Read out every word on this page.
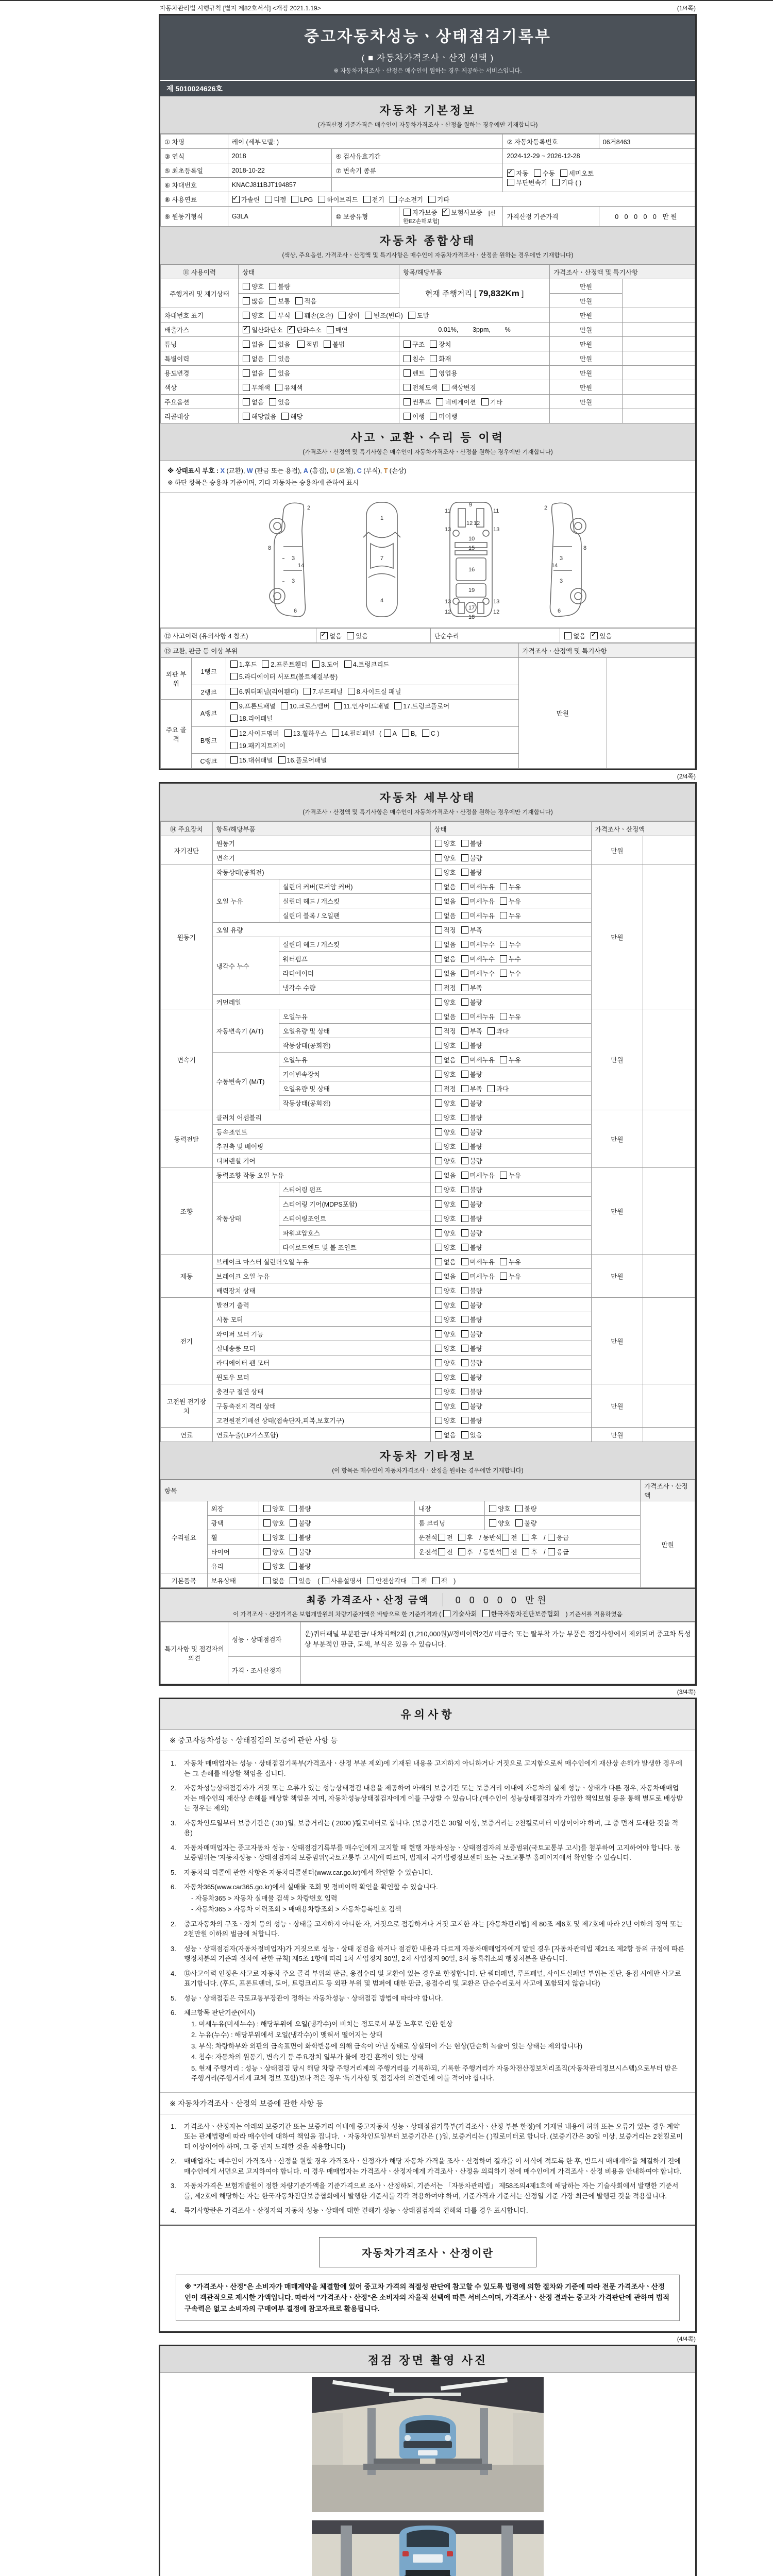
자동차관리법 시행규칙 [별지 제82호서식] <개정 2021.1.19>	(1/4쪽)
중고자동차성능ㆍ상태점검기록부
( ■ 자동차가격조사ㆍ산정 선택 )
※ 자동차가격조사ㆍ산정은 매수인이 원하는 경우 제공하는 서비스입니다.
제 5010024626호
자동차 기본정보
(가격산정 기준가격은 매수인이 자동차가격조사ㆍ산정을 원하는 경우에만 기재합니다)
① 차명	레이 (세부모델: )			② 자동차등록번호	06거8463
③ 연식	2018	④ 검사유효기간		2024-12-29 ~ 2026-12-28	
⑤ 최초등록일	2018-10-22	⑦ 변속기 종류	✓자동 수동 세미오토
무단변속기 기타 ( )
⑥ 차대번호	KNACJ811BJT194857				
⑧ 사용연료	✓가솔린 디젤 LPG 하이브리드 전기 수소전기 기타
⑨ 원동기형식	G3LA	⑩ 보증유형	자가보증 ✓ 보험사보증 [신한EZ손해보험]	가격산정 기준가격	0 0 0 0 0 만원
자동차 종합상태
(색상, 주요옵션, 가격조사ㆍ산정액 및 특기사항은 매수인이 자동차가격조사ㆍ산정을 원하는 경우에만 기재합니다)
⑪ 사용이력	상태	항목/해당부품	가격조사ㆍ산정액 및 특기사항	
주행거리 및 계기상태	양호 불량	현재 주행거리 [ 79,832Km ]	만원	
	많음 보통 적음		만원	
차대번호 표기	양호 부식 훼손(오손) 상이 변조(변타) 도말		만원	
배출가스	✓일산화탄소 ✓ 탄화수소 매연	0.01%,        3ppm,        %	만원	
튜닝	없음 있음 적법 불법	구조 장치	만원	
특별이력	없음 있음	침수 화재	만원	
용도변경	없음 있음	렌트 영업용	만원	
색상	무채색 유채색	전체도색 색상변경	만원	
주요옵션	없음 있음	썬루프 네비게이션 기타	만원	
리콜대상	해당없음 해당	이행 미이행		
사고ㆍ교환ㆍ수리 등 이력
(가격조사ㆍ산정액 및 특기사항은 매수인이 자동차가격조사ㆍ산정을 원하는 경우에만 기재합니다)
※ 상태표시 부호 : X (교환), W (판금 또는 용접), A (흠집), U (요철), C (부식), T (손상)
※ 하단 항목은 승용차 기준이며, 기타 자동차는 승용차에 준하여 표시
2
8
3
3
14
6
1
7
4
9
11	11
13	13
12 12
10
15
16
19
13	13
12	12
17
18
2
8
3
3
14
6
⑫ 사고이력 (유의사항 4 참조)	✓없음 있음	단순수리	없음 ✓ 있음
⑬ 교환, 판금 등 이상 부위			가격조사ㆍ산정액 및 특기사항	
외판 부위	1랭크	1.후드 2.프론트휀더 3.도어 4.트렁크리드
5.라디에이터 서포트(볼트체결부품)	만원	
	2랭크	6.쿼터패널(리어휀더) 7.루프패널 8.사이드실 패널		
주요 골격	A랭크	9.프론트패널 10.크로스멤버 11.인사이드패널 17.트렁크플로어
18.리어패널		
	B랭크	12.사이드멤버 13.휠하우스 14.필러패널( A B, C )
19.패키지트레이		
	C랭크	15.대쉬패널 16.플로어패널		
(2/4쪽)
자동차 세부상태
(가격조사ㆍ산정액 및 특기사항은 매수인이 자동차가격조사ㆍ산정을 원하는 경우에만 기재합니다)
⑭ 주요장치	항목/해당부품		상태	가격조사ㆍ산정액	
자기진단	원동기		양호 불량	만원	
	변속기		양호 불량		
원동기	작동상태(공회전)		양호 불량	만원	
	오일 누유	실린더 커버(로커암 커버)	없음 미세누유 누유		
		실린더 헤드 / 개스킷	없음 미세누유 누유		
		실린더 블록 / 오일팬	없음 미세누유 누유		
	오일 유량		적정 부족		
	냉각수 누수	실린더 헤드 / 개스킷	없음 미세누수 누수		
		워터펌프	없음 미세누수 누수		
		라디에이터	없음 미세누수 누수		
		냉각수 수량	적정 부족		
	커먼레일		양호 불량		
변속기	자동변속기 (A/T)	오일누유	없음 미세누유 누유	만원	
		오일유량 및 상태	적정 부족 과다		
		작동상태(공회전)	양호 불량		
	수동변속기 (M/T)	오일누유	없음 미세누유 누유		
		기어변속장치	양호 불량		
		오일유량 및 상태	적정 부족 과다		
		작동상태(공회전)	양호 불량		
동력전달	클러치 어셈블리		양호 불량	만원	
	등속죠인트		양호 불량		
	추진축 및 베어링		양호 불량		
	디퍼렌셜 기어		양호 불량		
조향	동력조향 작동 오일 누유		없음 미세누유 누유	만원	
	작동상태	스티어링 펌프	양호 불량		
		스티어링 기어(MDPS포함)	양호 불량		
		스티어링조인트	양호 불량		
		파워고압호스	양호 불량		
		타이로드엔드 및 볼 조인트	양호 불량		
제동	브레이크 마스터 실린더오일 누유		없음 미세누유 누유	만원	
	브레이크 오일 누유		없음 미세누유 누유		
	배력장치 상태		양호 불량		
전기	발전기 출력		양호 불량	만원	
	시동 모터		양호 불량		
	와이퍼 모터 기능		양호 불량		
	실내송풍 모터		양호 불량		
	라디에이터 팬 모터		양호 불량		
	윈도우 모터		양호 불량		
고전원 전기장치	충전구 절연 상태		양호 불량	만원	
	구동축전지 격리 상태		양호 불량		
	고전원전기배선 상태(접속단자,피복,보호기구)		양호 불량		
연료	연료누출(LP가스포함)		없음 있음	만원	
자동차 기타정보
(이 항목은 매수인이 자동차가격조사ㆍ산정을 원하는 경우에만 기재합니다)
항목					가격조사ㆍ산정액
수리필요	외장	양호 불량	내장	양호 불량	만원
	광택	양호 불량	룸 크리닝	양호 불량	
	휠	양호 불량	운전석 전 후 / 동반석 전 후 / 응급		
	타이어	양호 불량	운전석 전 후 / 동반석 전 후 / 응급		
	유리	양호 불량			
기본품목	보유상태	없음 있음 ( 사용설명서 안전삼각대 잭 잭 )			
최종 가격조사ㆍ산정 금액	0 0 0 0 0 만원
이 가격조사ㆍ산정가격은 보험개발원의 차량기준가액을 바탕으로 한 기준가격과 ( 기술사회 한국자동차진단보증협회 ) 기준서를 적용하였음
특기사항 및 점검자의 의견	성능ㆍ상태점검자	운)쿼터패널 부분판금/ 내차피해2회 (1,210,000원)//정비이력2건// 비금속 또는 탈부착 가능 부품은 점검사항에서 제외되며 중고차 특성상 부분적인 판금, 도색, 부식은 있을 수 있습니다.
	가격ㆍ조사산정자	
(3/4쪽)
유의사항
※ 중고자동차성능ㆍ상태점검의 보증에 관한 사항 등
1.	자동차 매매업자는 성능ㆍ상태점검기록부(가격조사ㆍ산정 부분 제외)에 기재된 내용을 고지하지 아니하거나 거짓으로 고지함으로써 매수인에게 재산상 손해가 발생한 경우에는 그 손해를 배상할 책임을 집니다.
2.	자동차성능상태점검자가 거짓 또는 오류가 있는 성능상태점검 내용을 제공하여 아래의 보증기간 또는 보증거리 이내에 자동차의 실제 성능ㆍ상태가 다른 경우, 자동차매매업자는 매수인의 재산상 손해를 배상할 책임을 지며, 자동차성능상태점검자에게 이를 구상할 수 있습니다.(매수인이 성능상태점검자가 가입한 책임보험 등을 통해 별도로 배상받는 경우는 제외)
3.	자동차인도일부터 보증기간은 ( 30 )일, 보증거리는 ( 2000 )킬로미터로 합니다. (보증기간은 30일 이상, 보증거리는 2천킬로미터 이상이어야 하며, 그 중 먼저 도래한 것을 적용)
4.	자동차매매업자는 중고자동차 성능ㆍ상태점검기록부를 매수인에게 고지할 때 현행 자동차성능ㆍ상태점검자의 보증범위(국토교통부 고시)를 첨부하여 고지하여야 합니다. 동 보증범위는 '자동차성능ㆍ상태점검자의 보증범위'(국토교통부 고시)에 따르며, 법제처 국가법령정보센터 또는 국토교통부 홈페이지에서 확인할 수 있습니다.
5.	자동차의 리콜에 관한 사항은 자동차리콜센터(www.car.go.kr)에서 확인할 수 있습니다.
6.	자동차365(www.car365.go.kr)에서 실매물 조회 및 정비이력 확인을 확인할 수 있습니다.
- 자동차365 > 자동차 실매물 검색 > 차량번호 입력
- 자동차365 > 자동차 이력조회 > 매매용차량조회 > 자동차등록번호 검색
2.	중고자동차의 구조ㆍ장치 등의 성능ㆍ상태를 고지하지 아니한 자, 거짓으로 점검하거나 거짓 고지한 자는 [자동차관리법] 제 80조 제6호 및 제7호에 따라 2년 이하의 징역 또는 2천만원 이하의 벌금에 처합니다.
3.	성능ㆍ상태점검자(자동차정비업자)가 거짓으로 성능ㆍ상태 점검을 하거나 점검한 내용과 다르게 자동차매매업자에게 알린 경우 [자동차관리법 제21조 제2항 등의 규정에 따른 행정처분의 기준과 절차에 관한 규칙] 제5조 1항에 따라 1차 사업정지 30일, 2차 사업정지 90일, 3차 등록취소의 행정처분을 받습니다.
4.	⑫사고이력 인정은 사고로 자동차 주요 골격 부위의 판금, 용접수리 및 교환이 있는 경우로 한정합니다. 단 쿼터패널, 루프패널, 사이드실패널 부위는 절단, 용접 시에만 사고로 표기합니다. (후드, 프론트펜더, 도어, 트렁크리드 등 외판 부위 및 범퍼에 대한 판금, 용접수리 및 교환은 단순수리로서 사고에 포함되지 않습니다)
5.	성능ㆍ상태점검은 국토교통부장관이 정하는 자동차성능ㆍ상태점검 방법에 따라야 합니다.
6.	체크항목 판단기준(예시)
1. 미세누유(미세누수) : 해당부위에 오일(냉각수)이 비치는 정도로서 부품 노후로 인한 현상
2. 누유(누수) : 해당부위에서 오일(냉각수)이 맺혀서 떨어지는 상태
3. 부식: 차량하부와 외판의 금속표면이 화학반응에 의해 금속이 아닌 상태로 상실되어 가는 현상(단순히 녹슬어 있는 상태는 제외합니다)
4. 침수: 자동차의 원동기, 변속기 등 주요장치 일부가 물에 잠긴 흔적이 있는 상태
5. 현재 주행거리 : 성능ㆍ상태점검 당시 해당 차량 주행거리계의 주행거리를 기록하되, 기록한 주행거리가 자동차전산정보처리조직(자동차관리정보시스템)으로부터 받은 주행거리(주행거리계 교체 정보 포함)보다 적은 경우 '특기사항 및 점검자의 의견'란에 이를 적어야 합니다.
※ 자동차가격조사ㆍ산정의 보증에 관한 사항 등
1.	가격조사ㆍ산정자는 아래의 보증기간 또는 보증거리 이내에 중고자동차 성능ㆍ상태점검기록부(가격조사ㆍ산정 부분 한정)에 기재된 내용에 허위 또는 오류가 있는 경우 계약 또는 관계법령에 따라 매수인에 대하여 책임을 집니다. ㆍ자동차인도일부터 보증기간은 ( )일, 보증거리는 ( )킬로미터로 합니다. (보증기간은 30일 이상, 보증거리는 2천킬로미터 이상이어야 하며, 그 중 먼저 도래한 것을 적용합니다)
2.	매매업자는 매수인이 가격조사ㆍ산정을 원할 경우 가격조사ㆍ산정자가 해당 자동차 가격을 조사ㆍ산정하여 결과를 이 서식에 적도록 한 후, 반드시 매매계약을 체결하기 전에 매수인에게 서면으로 고지하여야 합니다. 이 경우 매매업자는 가격조사ㆍ산정자에게 가격조사ㆍ산정을 의뢰하기 전에 매수인에게 가격조사ㆍ산정 비용을 안내하여야 합니다.
3.	자동차가격은 보험개발원이 정한 차량기준가액을 기준가격으로 조사ㆍ산정하되, 기준서는 「자동차관리법」 제58조의4제1호에 해당하는 자는 기술사회에서 발행한 기준서를, 제2호에 해당하는 자는 한국자동차진단보증협회에서 발행한 기준서를 각각 적용하여야 하며, 기준가격과 기준서는 산정일 기준 가장 최근에 발행된 것을 적용합니다.
4.	특기사항란은 가격조사ㆍ산정자의 자동차 성능ㆍ상태에 대한 견해가 성능ㆍ상태점검자의 견해와 다를 경우 표시합니다.
자동차가격조사ㆍ산정이란
※ "가격조사ㆍ산정"은 소비자가 매매계약을 체결함에 있어 중고차 가격의 적절성 판단에 참고할 수 있도록 법령에 의한 절차와 기준에 따라 전문 가격조사ㆍ산정인이 객관적으로 제시한 가액입니다. 따라서 "가격조사ㆍ산정"은 소비자의 자율적 선택에 따른 서비스이며, 가격조사ㆍ산정 결과는 중고차 가격판단에 관하여 법적 구속력은 없고 소비자의 구매여부 결정에 참고자료로 활용됩니다.
(4/4쪽)
점검 장면 촬영 사진
